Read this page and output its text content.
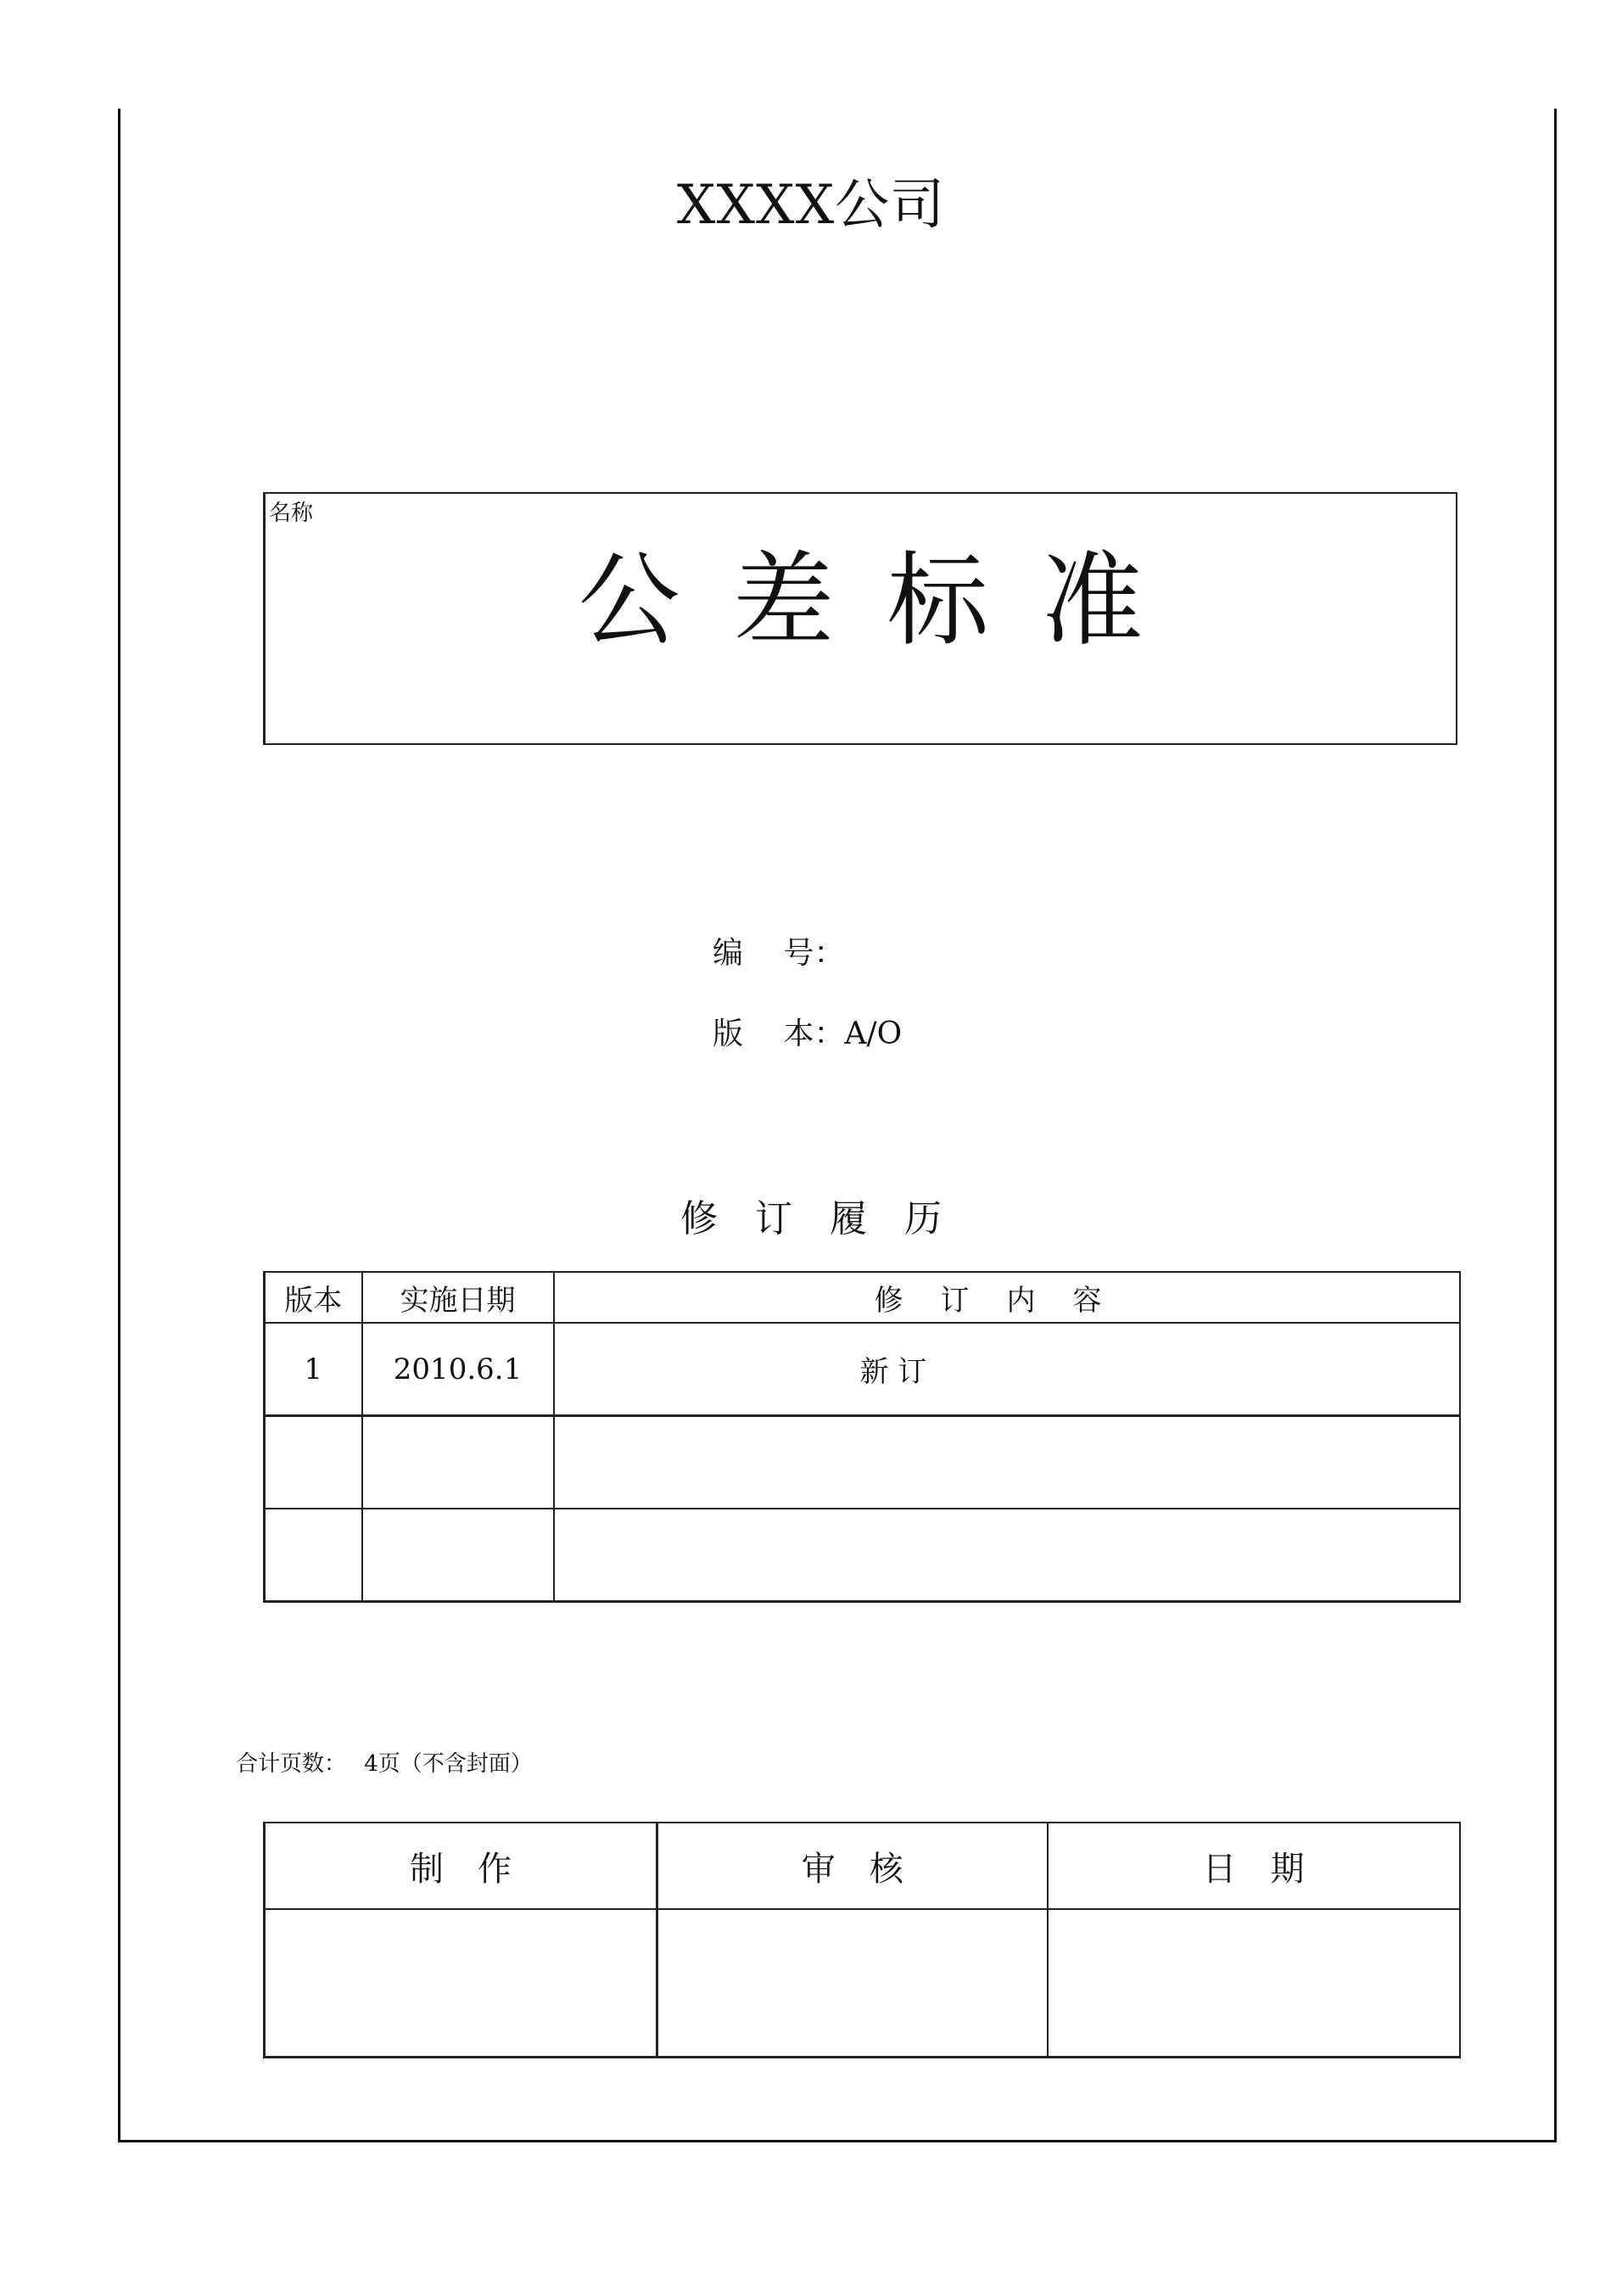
XXXX公司
名称
公差标准
编　 号：
版　 本：A/O
修订履历
版本	实施日期	修订内容
1	2010.6.1	新 订

合计页数：　 4页（不含封面）
制　作	审　核	日　期
